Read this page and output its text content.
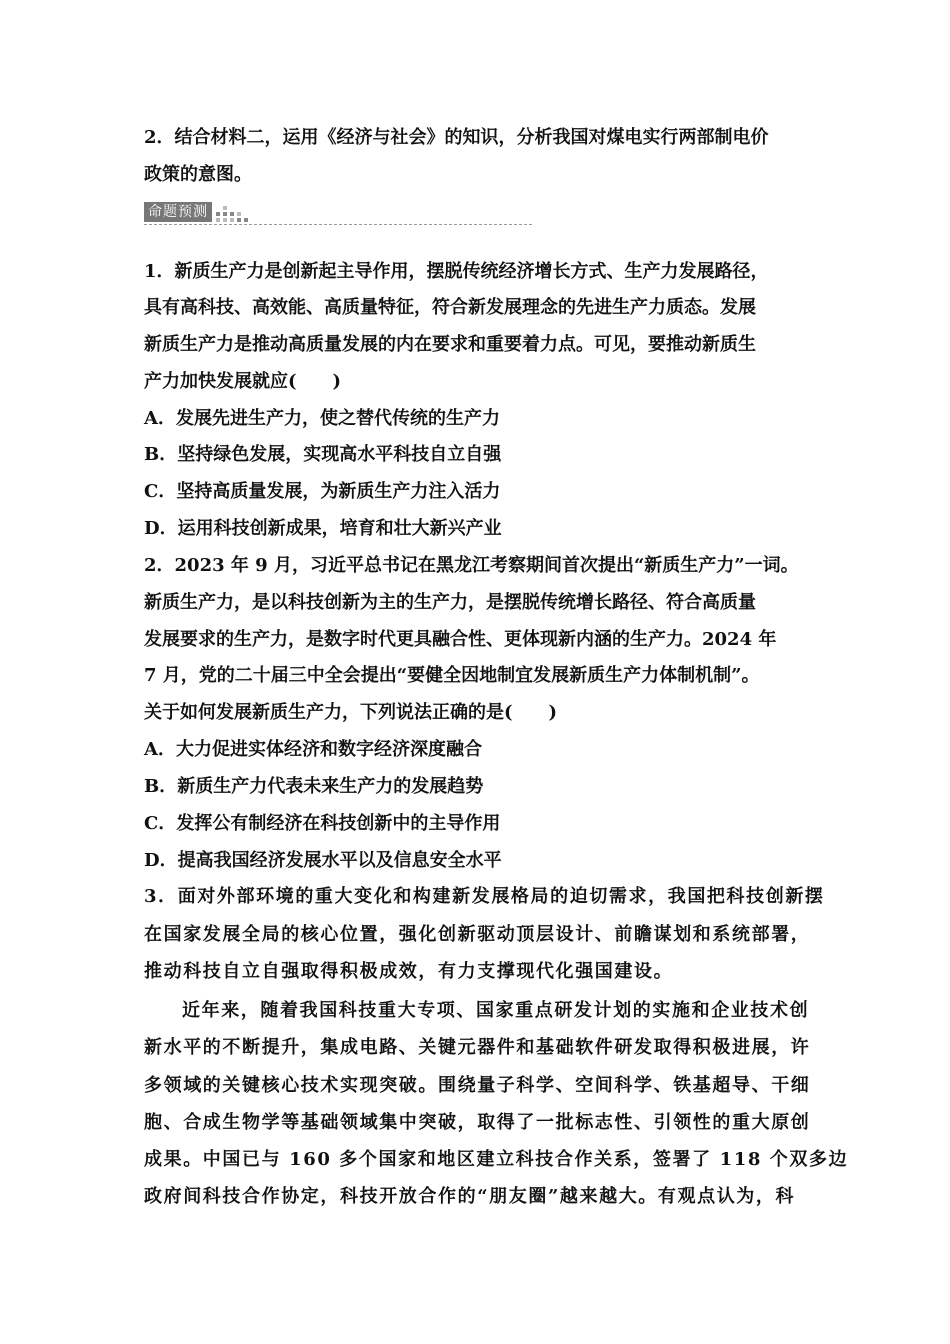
2．结合材料二，运用《经济与社会》的知识，分析我国对煤电实行两部制电价
政策的意图。
命题预测
1．新质生产力是创新起主导作用，摆脱传统经济增长方式、生产力发展路径，
具有高科技、高效能、高质量特征，符合新发展理念的先进生产力质态。发展
新质生产力是推动高质量发展的内在要求和重要着力点。可见，要推动新质生
产力加快发展就应(　　)
A．发展先进生产力，使之替代传统的生产力
B．坚持绿色发展，实现高水平科技自立自强
C．坚持高质量发展，为新质生产力注入活力
D．运用科技创新成果，培育和壮大新兴产业
2．2023 年 9 月，习近平总书记在黑龙江考察期间首次提出“新质生产力”一词。
新质生产力，是以科技创新为主的生产力，是摆脱传统增长路径、符合高质量
发展要求的生产力，是数字时代更具融合性、更体现新内涵的生产力。2024 年
7 月，党的二十届三中全会提出“要健全因地制宜发展新质生产力体制机制”。
关于如何发展新质生产力，下列说法正确的是(　　)
A．大力促进实体经济和数字经济深度融合
B．新质生产力代表未来生产力的发展趋势
C．发挥公有制经济在科技创新中的主导作用
D．提高我国经济发展水平以及信息安全水平
3．面对外部环境的重大变化和构建新发展格局的迫切需求，我国把科技创新摆
在国家发展全局的核心位置，强化创新驱动顶层设计、前瞻谋划和系统部署，
推动科技自立自强取得积极成效，有力支撑现代化强国建设。
近年来，随着我国科技重大专项、国家重点研发计划的实施和企业技术创
新水平的不断提升，集成电路、关键元器件和基础软件研发取得积极进展，许
多领域的关键核心技术实现突破。围绕量子科学、空间科学、铁基超导、干细
胞、合成生物学等基础领域集中突破，取得了一批标志性、引领性的重大原创
成果。中国已与 160 多个国家和地区建立科技合作关系，签署了 118 个双多边
政府间科技合作协定，科技开放合作的“朋友圈”越来越大。有观点认为，科
